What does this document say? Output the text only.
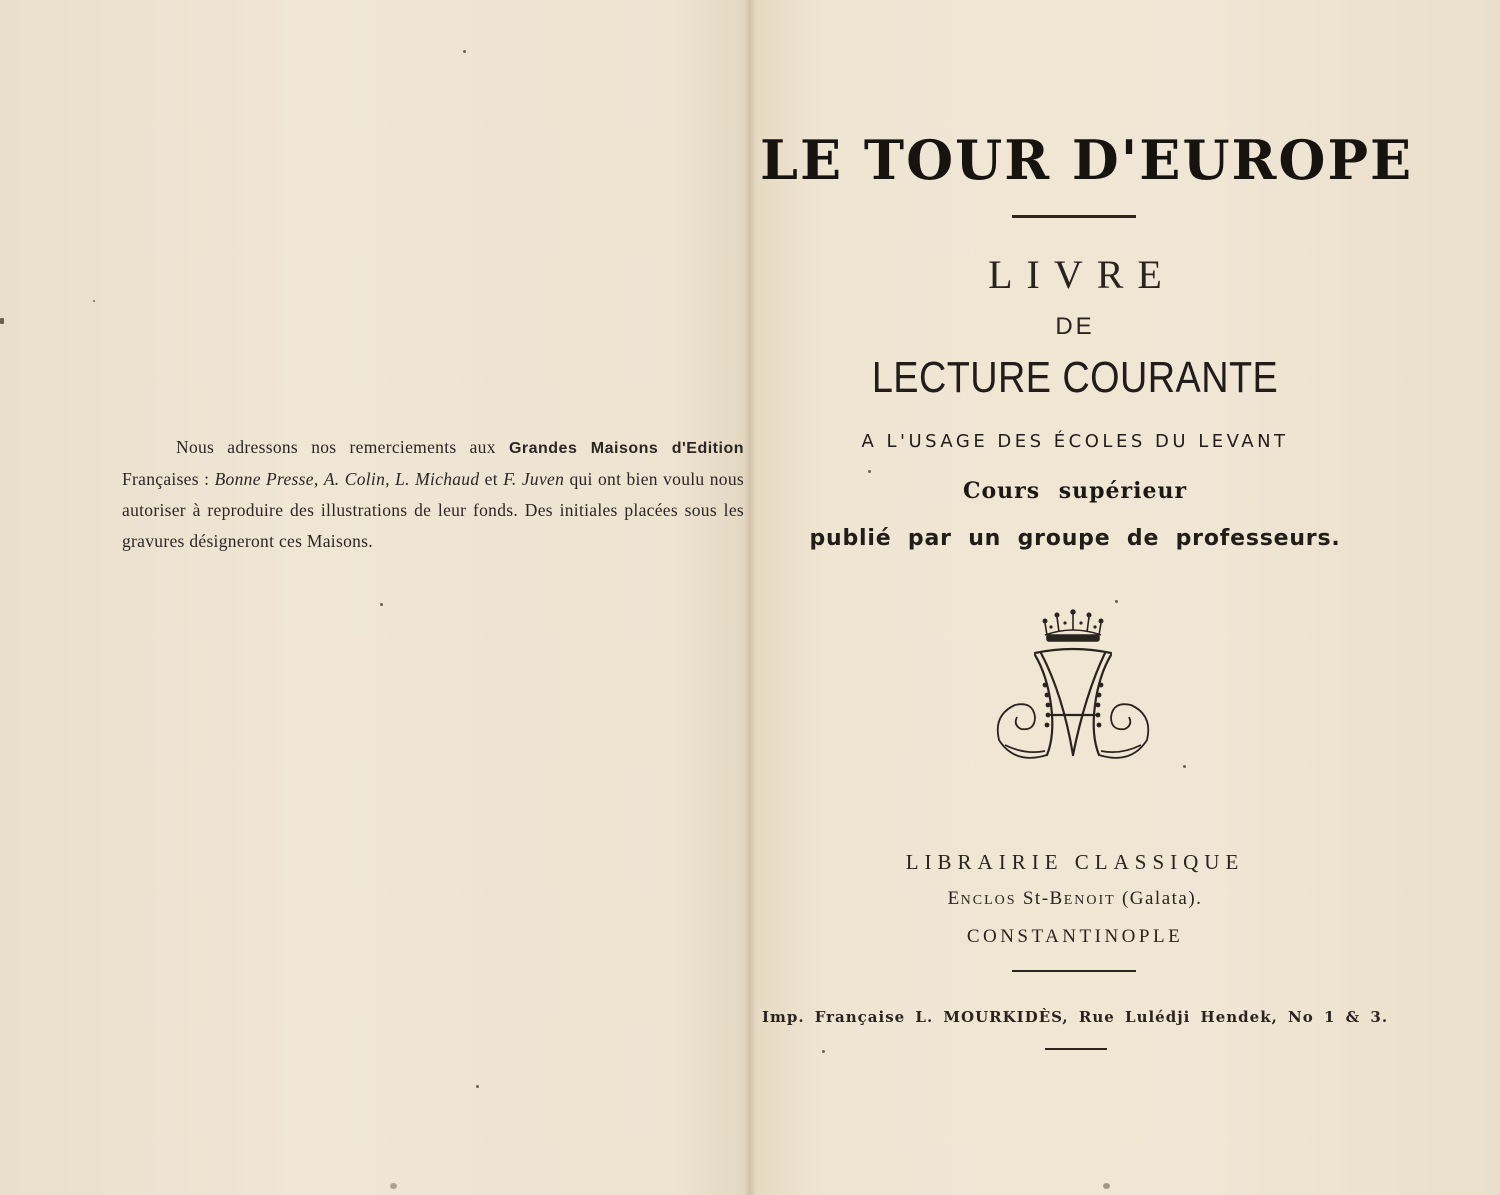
Nous adressons nos remerciements aux Grandes Maisons d'Edition Françaises : Bonne Presse, A. Colin, L. Michaud et F. Juven qui ont bien voulu nous autoriser à reproduire des illustrations de leur fonds. Des initiales placées sous les gravures désigneront ces Maisons.

LE TOUR D'EUROPE
LIVRE
DE
LECTURE COURANTE
A L'USAGE DES ÉCOLES DU LEVANT
Cours supérieur
publié par un groupe de professeurs.
LIBRAIRIE CLASSIQUE
ENCLOS St-BENOIT (Galata).
CONSTANTINOPLE
Imp. Française L. MOURKIDÈS, Rue Lulédji Hendek, No 1 & 3.
